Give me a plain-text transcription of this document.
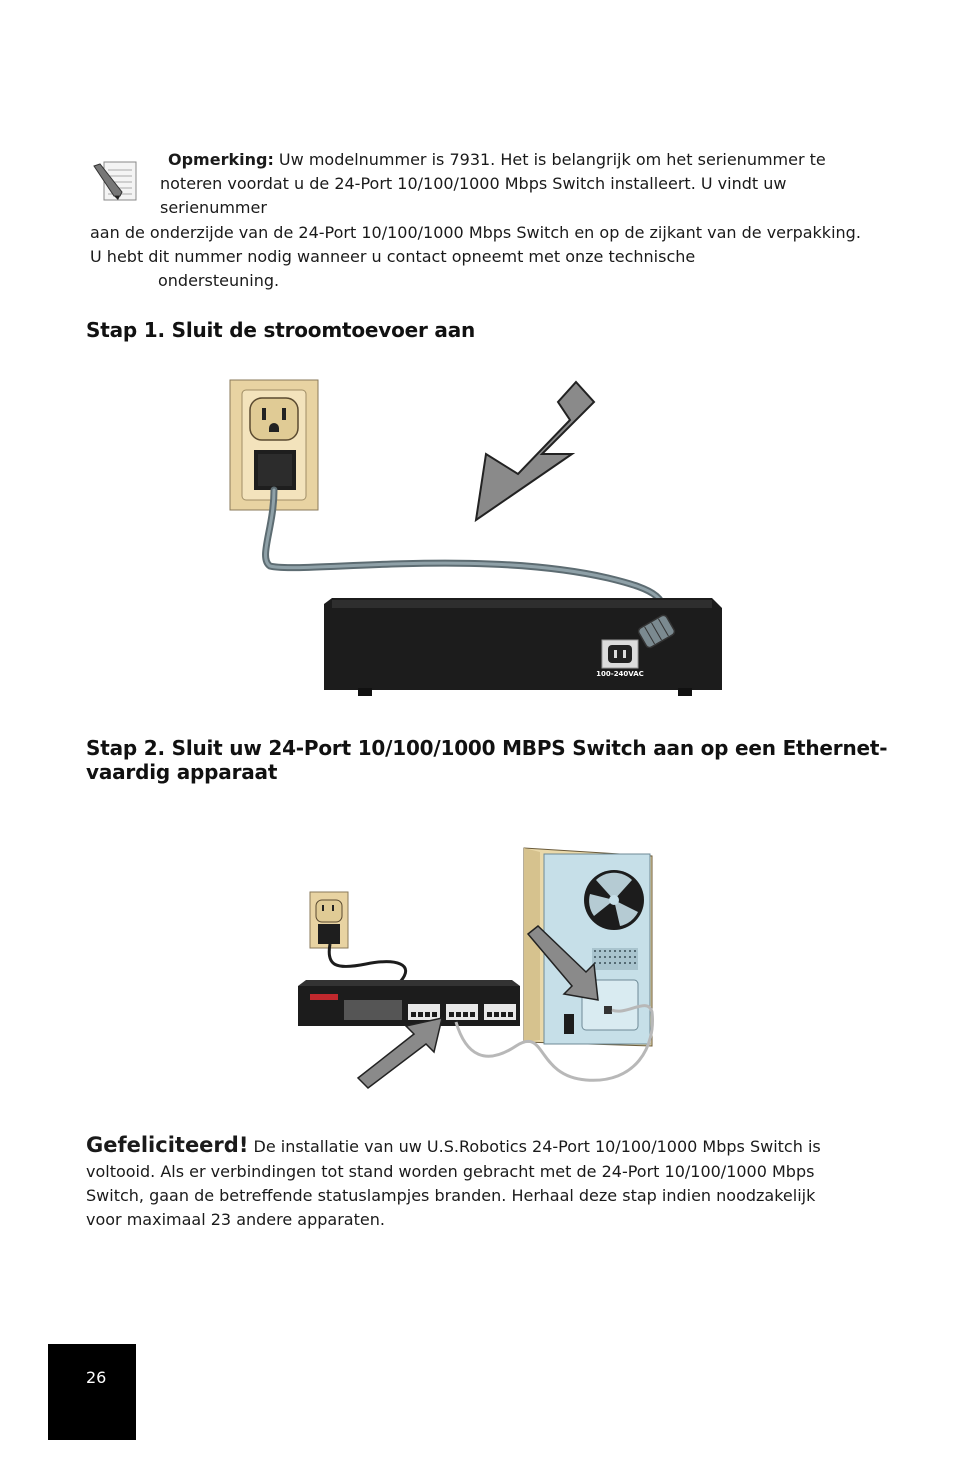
Opmerking: Uw modelnummer is 7931. Het is belangrijk om het serienummer te
noteren voordat u de 24-Port 10/100/1000 Mbps Switch installeert. U vindt uw
serienummer
aan de onderzijde van de 24-Port 10/100/1000 Mbps Switch en op de zijkant van de verpakking.
U hebt dit nummer nodig wanneer u contact opneemt met onze technische
ondersteuning.
Stap 1. Sluit de stroomtoevoer aan
100-240VAC
Stap 2. Sluit uw 24-Port 10/100/1000 MBPS Switch aan op een Ethernet-
vaardig apparaat
Gefeliciteerd! De installatie van uw U.S.Robotics 24-Port 10/100/1000 Mbps Switch is
voltooid. Als er verbindingen tot stand worden gebracht met de 24-Port 10/100/1000 Mbps
Switch, gaan de betreffende statuslampjes branden. Herhaal deze stap indien noodzakelijk
voor maximaal 23 andere apparaten.
26
